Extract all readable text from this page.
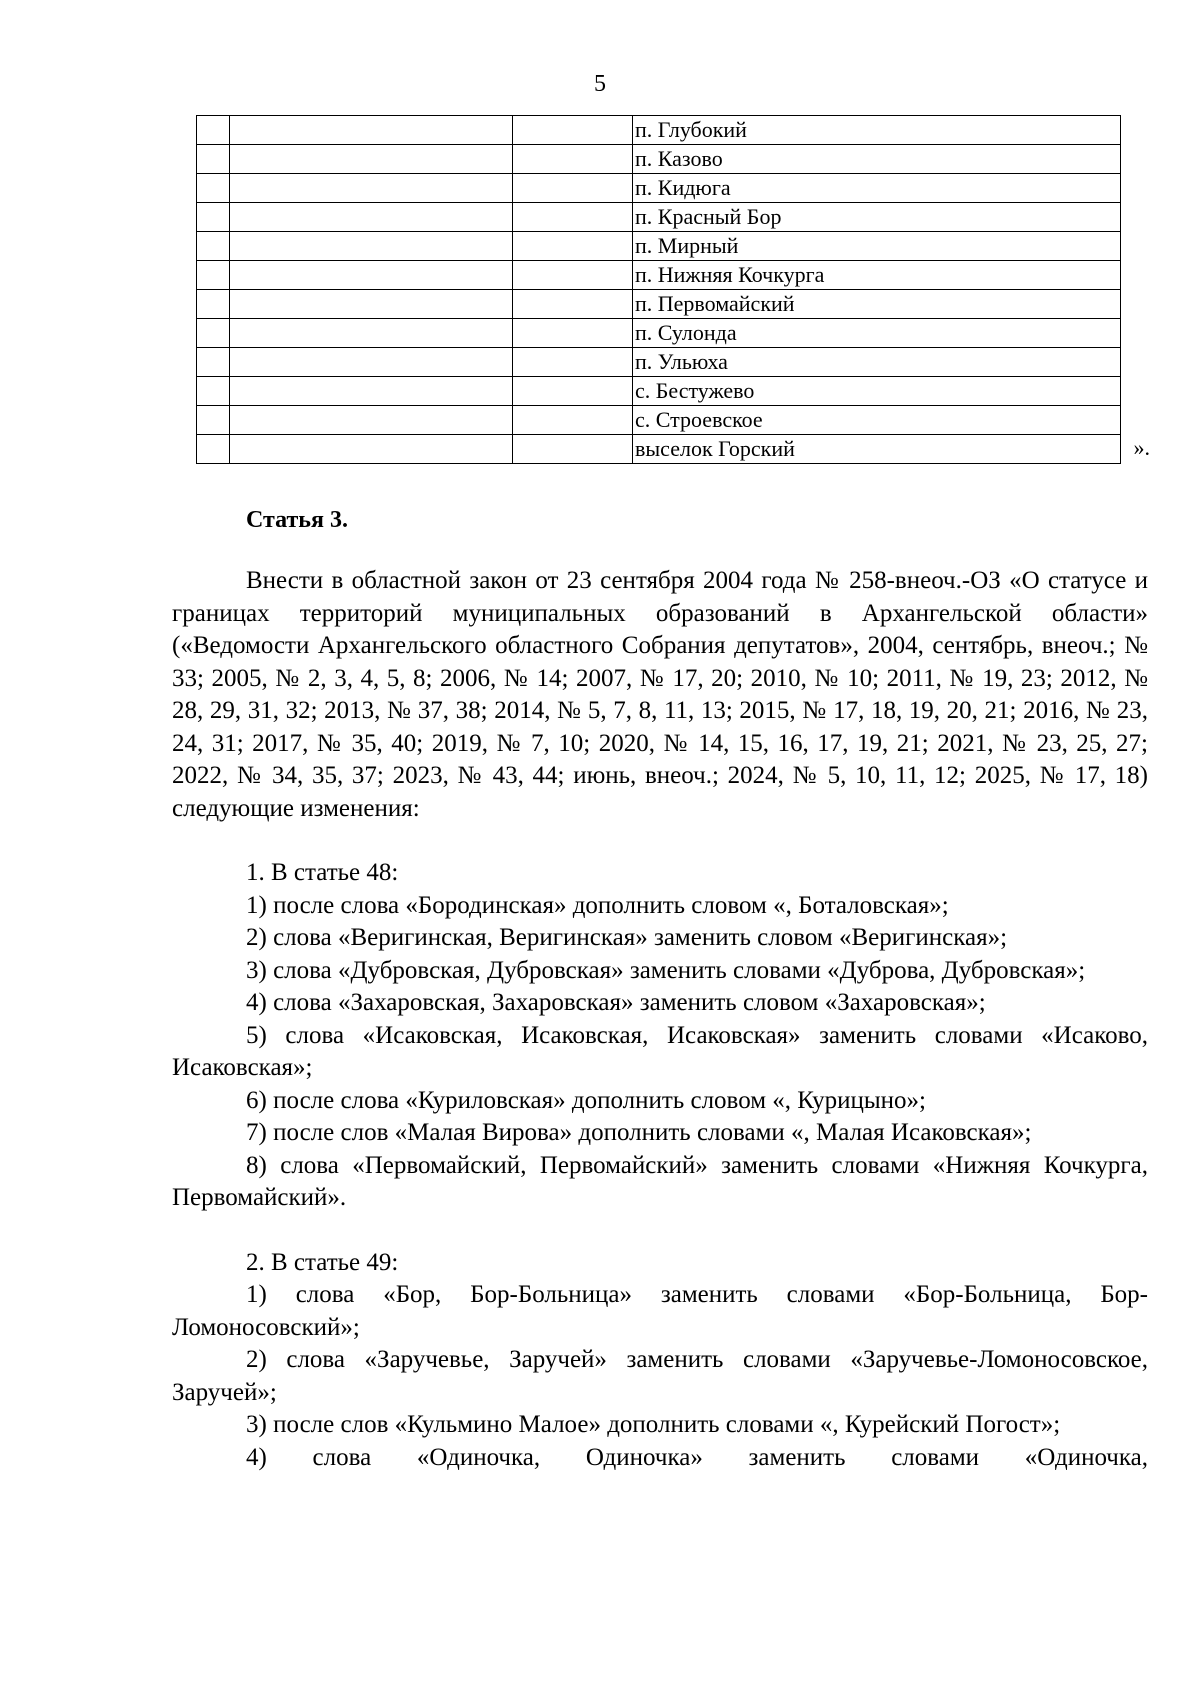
5
			п. Глубокий
			п. Казово
			п. Кидюга
			п. Красный Бор
			п. Мирный
			п. Нижняя Кочкурга
			п. Первомайский
			п. Сулонда
			п. Ульюха
			с. Бестужево
			с. Строевское
			выселок Горский ».
Статья 3.

Внести в областной закон от 23 сентября 2004 года № 258-внеоч.-ОЗ «О статусе и границах территорий муниципальных образований в Архангельской области» («Ведомости Архангельского областного Собрания депутатов», 2004, сентябрь, внеоч.; № 33; 2005, № 2, 3, 4, 5, 8; 2006, № 14; 2007, № 17, 20; 2010, № 10; 2011, № 19, 23; 2012, № 28, 29, 31, 32; 2013, № 37, 38; 2014, № 5, 7, 8, 11, 13; 2015, № 17, 18, 19, 20, 21; 2016, № 23, 24, 31; 2017, № 35, 40; 2019, № 7, 10; 2020, № 14, 15, 16, 17, 19, 21; 2021, № 23, 25, 27; 2022, № 34, 35, 37; 2023, № 43, 44; июнь, внеоч.; 2024, № 5, 10, 11, 12; 2025, № 17, 18) следующие изменения:

1. В статье 48:

1) после слова «Бородинская» дополнить словом «, Боталовская»;

2) слова «Веригинская, Веригинская» заменить словом «Веригинская»;

3) слова «Дубровская, Дубровская» заменить словами «Дуброва, Дубровская»;

4) слова «Захаровская, Захаровская» заменить словом «Захаровская»;

5) слова «Исаковская, Исаковская, Исаковская» заменить словами «Исаково, Исаковская»;

6) после слова «Куриловская» дополнить словом «, Курицыно»;

7) после слов «Малая Вирова» дополнить словами «, Малая Исаковская»;

8) слова «Первомайский, Первомайский» заменить словами «Нижняя Кочкурга, Первомайский».

2. В статье 49:

1) слова «Бор, Бор-Больница» заменить словами «Бор-Больница, Бор-Ломоносовский»;

2) слова «Заручевье, Заручей» заменить словами «Заручевье-Ломоносовское, Заручей»;

3) после слов «Кульмино Малое» дополнить словами «, Курейский Погост»;

4) слова «Одиночка, Одиночка» заменить словами «Одиночка,
